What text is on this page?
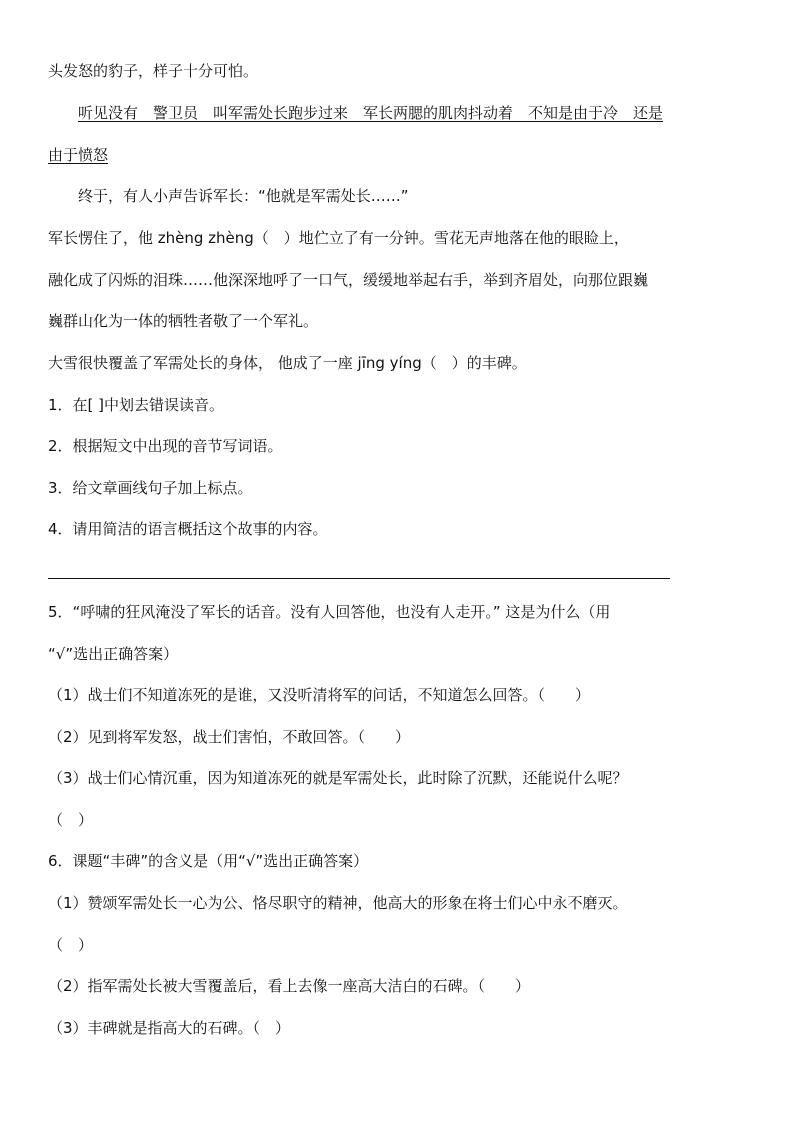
头发怒的豹子，样子十分可怕。
听见没有　警卫员　叫军需处长跑步过来　军长两腮的肌肉抖动着　不知是由于冷　还是
由于愤怒
终于，有人小声告诉军长：“他就是军需处长……”
军长愣住了，他 zhèng zhèng（　）地伫立了有一分钟。雪花无声地落在他的眼睑上，
融化成了闪烁的泪珠……他深深地呼了一口气，缓缓地举起右手，举到齐眉处，向那位跟巍
巍群山化为一体的牺牲者敬了一个军礼。
大雪很快覆盖了军需处长的身体， 他成了一座 jīng yíng（　）的丰碑。
1．在[ ]中划去错误读音。
2．根据短文中出现的音节写词语。
3．给文章画线句子加上标点。
4．请用简洁的语言概括这个故事的内容。
5．“呼啸的狂风淹没了军长的话音。没有人回答他，也没有人走开。” 这是为什么（用
“√”选出正确答案）
（1）战士们不知道冻死的是谁，又没听清将军的问话，不知道怎么回答。（　　）
（2）见到将军发怒，战士们害怕，不敢回答。（　　）
（3）战士们心情沉重，因为知道冻死的就是军需处长，此时除了沉默，还能说什么呢？
（　）
6．课题“丰碑”的含义是（用“√”选出正确答案）
（1）赞颂军需处长一心为公、恪尽职守的精神，他高大的形象在将士们心中永不磨灭。
（　）
（2）指军需处长被大雪覆盖后，看上去像一座高大洁白的石碑。（　　）
（3）丰碑就是指高大的石碑。（　）
